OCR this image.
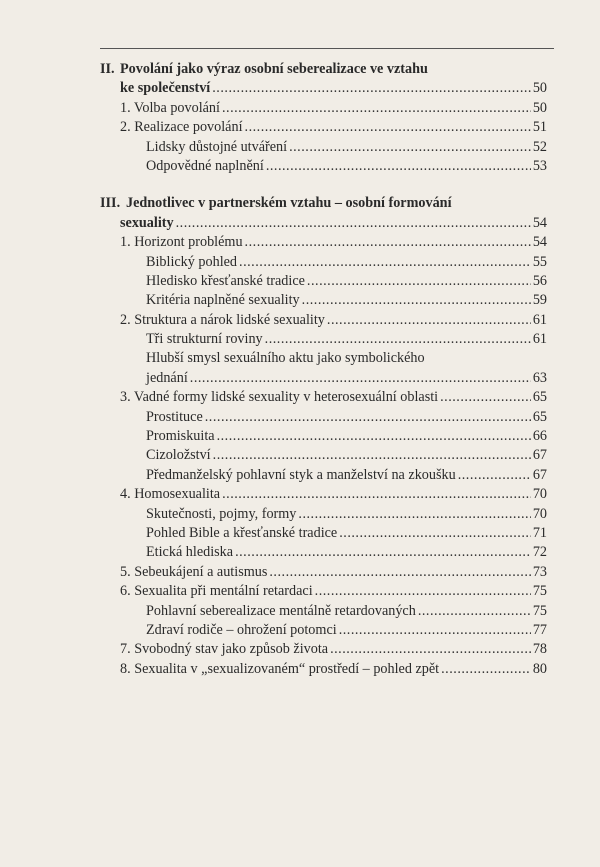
II. Povolání jako výraz osobní seberealizace ve vztahu
ke společenství .....	50
1. Volba povolání .....	50
2. Realizace povolání .....	51
Lidsky důstojné utváření .....	52
Odpovědné naplnění .....	53
III. Jednotlivec v partnerském vztahu – osobní formování
sexuality .....	54
1. Horizont problému .....	54
Biblický pohled .....	55
Hledisko křesťanské tradice .....	56
Kritéria naplněné sexuality .....	59
2. Struktura a nárok lidské sexuality .....	61
Tři strukturní roviny .....	61
Hlubší smysl sexuálního aktu jako symbolického
jednání .....	63
3. Vadné formy lidské sexuality v heterosexuální oblasti .....	65
Prostituce .....	65
Promiskuita .....	66
Cizoložství .....	67
Předmanželský pohlavní styk a manželství na zkoušku .....	67
4. Homosexualita .....	70
Skutečnosti, pojmy, formy .....	70
Pohled Bible a křesťanské tradice .....	71
Etická hlediska .....	72
5. Sebeukájení a autismus .....	73
6. Sexualita při mentální retardaci .....	75
Pohlavní seberealizace mentálně retardovaných .....	75
Zdraví rodiče – ohrožení potomci .....	77
7. Svobodný stav jako způsob života .....	78
8. Sexualita v „sexualizovaném“ prostředí – pohled zpět .....	80
